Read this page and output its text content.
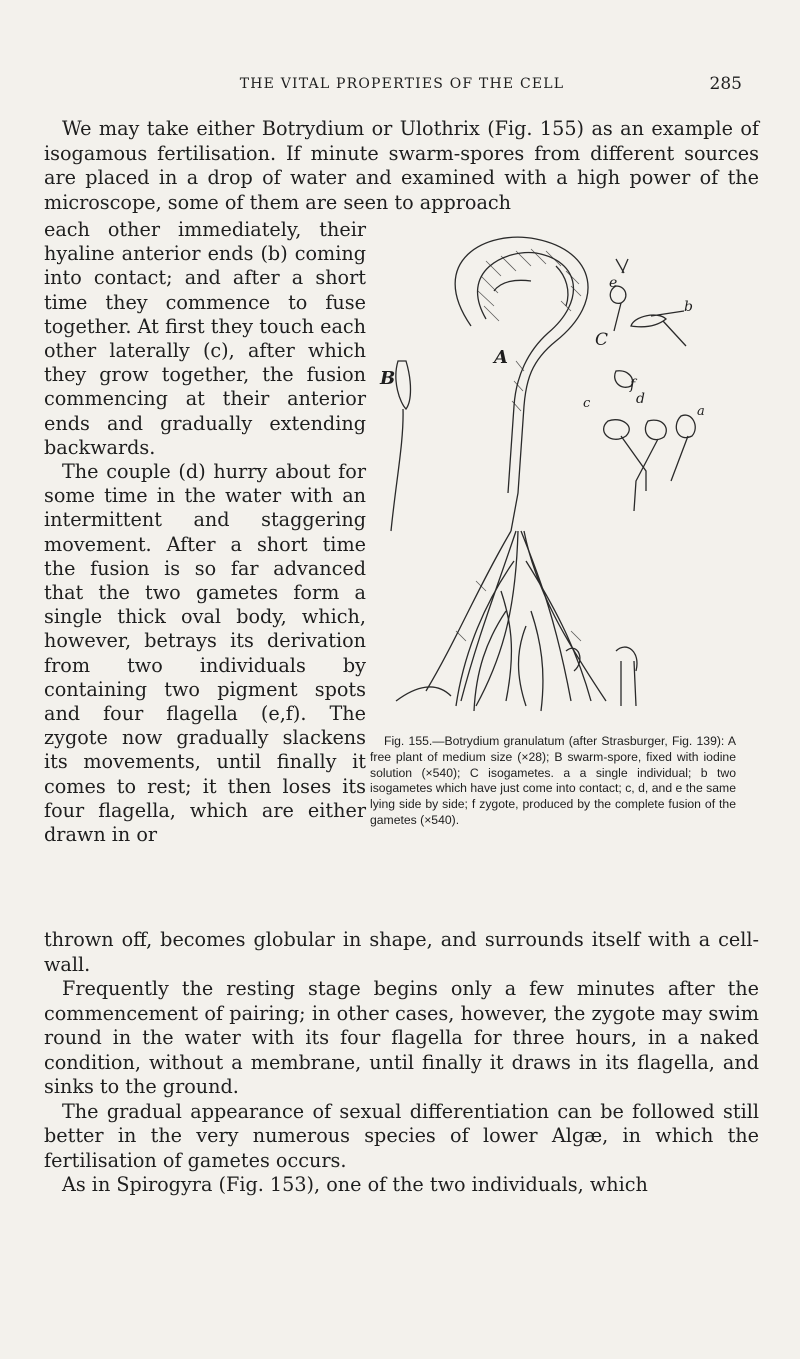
THE VITAL PROPERTIES OF THE CELL	285

We may take either Botrydium or Ulothrix (Fig. 155) as an example of isogamous fertilisation. If minute swarm-spores from different sources are placed in a drop of water and examined with a high power of the microscope, some of them are seen to approach

each other immediately, their hyaline anterior ends (b) coming into contact; and after a short time they commence to fuse together. At first they touch each other laterally (c), after which they grow together, the fusion commencing at their anterior ends and gradually extending backwards.

The couple (d) hurry about for some time in the water with an intermittent and staggering movement. After a short time the fusion is so far advanced that the two gametes form a single thick oval body, which, however, betrays its derivation from two individuals by containing two pigment spots and four flagella (e,f). The zygote now gradually slackens its movements, until finally it comes to rest; it then loses its four flagella, which are either drawn in or

A
B
C
e
b
f
c	d
a

Fig. 155.—Botrydium granulatum (after Strasburger, Fig. 139): A free plant of medium size (×28); B swarm-spore, fixed with iodine solution (×540); C isogametes. a a single individual; b two isogametes which have just come into contact; c, d, and e the same lying side by side; f zygote, produced by the complete fusion of the gametes (×540).

thrown off, becomes globular in shape, and surrounds itself with a cell-wall.

Frequently the resting stage begins only a few minutes after the commencement of pairing; in other cases, however, the zygote may swim round in the water with its four flagella for three hours, in a naked condition, without a membrane, until finally it draws in its flagella, and sinks to the ground.

The gradual appearance of sexual differentiation can be followed still better in the very numerous species of lower Algæ, in which the fertilisation of gametes occurs.

As in Spirogyra (Fig. 153), one of the two individuals, which
